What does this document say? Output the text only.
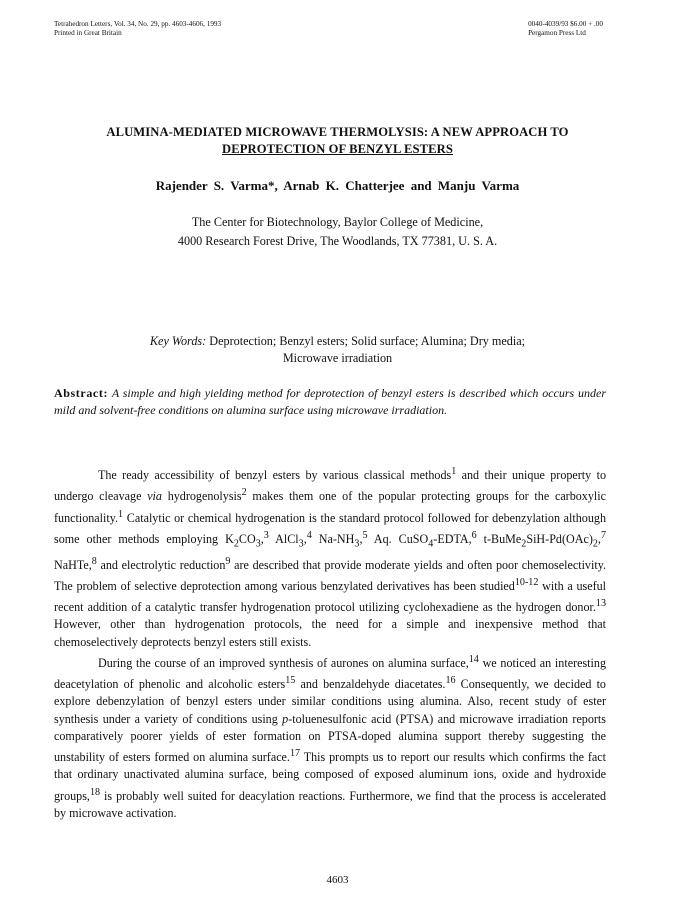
Tetrahedron Letters, Vol. 34, No. 29, pp. 4603-4606, 1993
Printed in Great Britain
0040-4039/93 $6.00 + .00
Pergamon Press Ltd
ALUMINA-MEDIATED MICROWAVE THERMOLYSIS: A NEW APPROACH TO
DEPROTECTION OF BENZYL ESTERS
Rajender S. Varma*, Arnab K. Chatterjee and Manju Varma
The Center for Biotechnology, Baylor College of Medicine,
4000 Research Forest Drive, The Woodlands, TX 77381, U. S. A.
Key Words: Deprotection; Benzyl esters; Solid surface; Alumina; Dry media;
Microwave irradiation
Abstract: A simple and high yielding method for deprotection of benzyl esters is described which occurs under mild and solvent-free conditions on alumina surface using microwave irradiation.

The ready accessibility of benzyl esters by various classical methods$^1$ and their unique property to undergo cleavage via hydrogenolysis$^2$ makes them one of the popular protecting groups for the carboxylic functionality.$^1$ Catalytic or chemical hydrogenation is the standard protocol followed for debenzylation although some other methods employing $K_2CO_3,^3$ AlCl$_3$,$^4$ $Na-NH_3,^5$ Aq. CuSO$_4$-EDTA,$^6$ $t-BuMe_2SiH-Pd(OAc)_2,^7$ NaHTe,$^8$ and electrolytic reduction$^9$ are described that provide moderate yields and often poor chemoselectivity. The problem of selective deprotection among various benzylated derivatives has been studied$^{10-12}$ with a useful recent addition of a catalytic transfer hydrogenation protocol utilizing cyclohexadiene as the hydrogen donor.$^{13}$ However, other than hydrogenation protocols, the need for a simple and inexpensive method that chemoselectively deprotects benzyl esters still exists.

During the course of an improved synthesis of aurones on alumina surface,$^{14}$ we noticed an interesting deacetylation of phenolic and alcoholic esters$^{15}$ and benzaldehyde diacetates.$^{16}$ Consequently, we decided to explore debenzylation of benzyl esters under similar conditions using alumina. Also, recent study of ester synthesis under a variety of conditions using p-toluenesulfonic acid (PTSA) and microwave irradiation reports comparatively poorer yields of ester formation on PTSA-doped alumina support thereby suggesting the unstability of esters formed on alumina surface.$^{17}$ This prompts us to report our results which confirms the fact that ordinary unactivated alumina surface, being composed of exposed aluminum ions, oxide and hydroxide groups,$^{18}$ is probably well suited for deacylation reactions. Furthermore, we find that the process is accelerated by microwave activation.

4603
